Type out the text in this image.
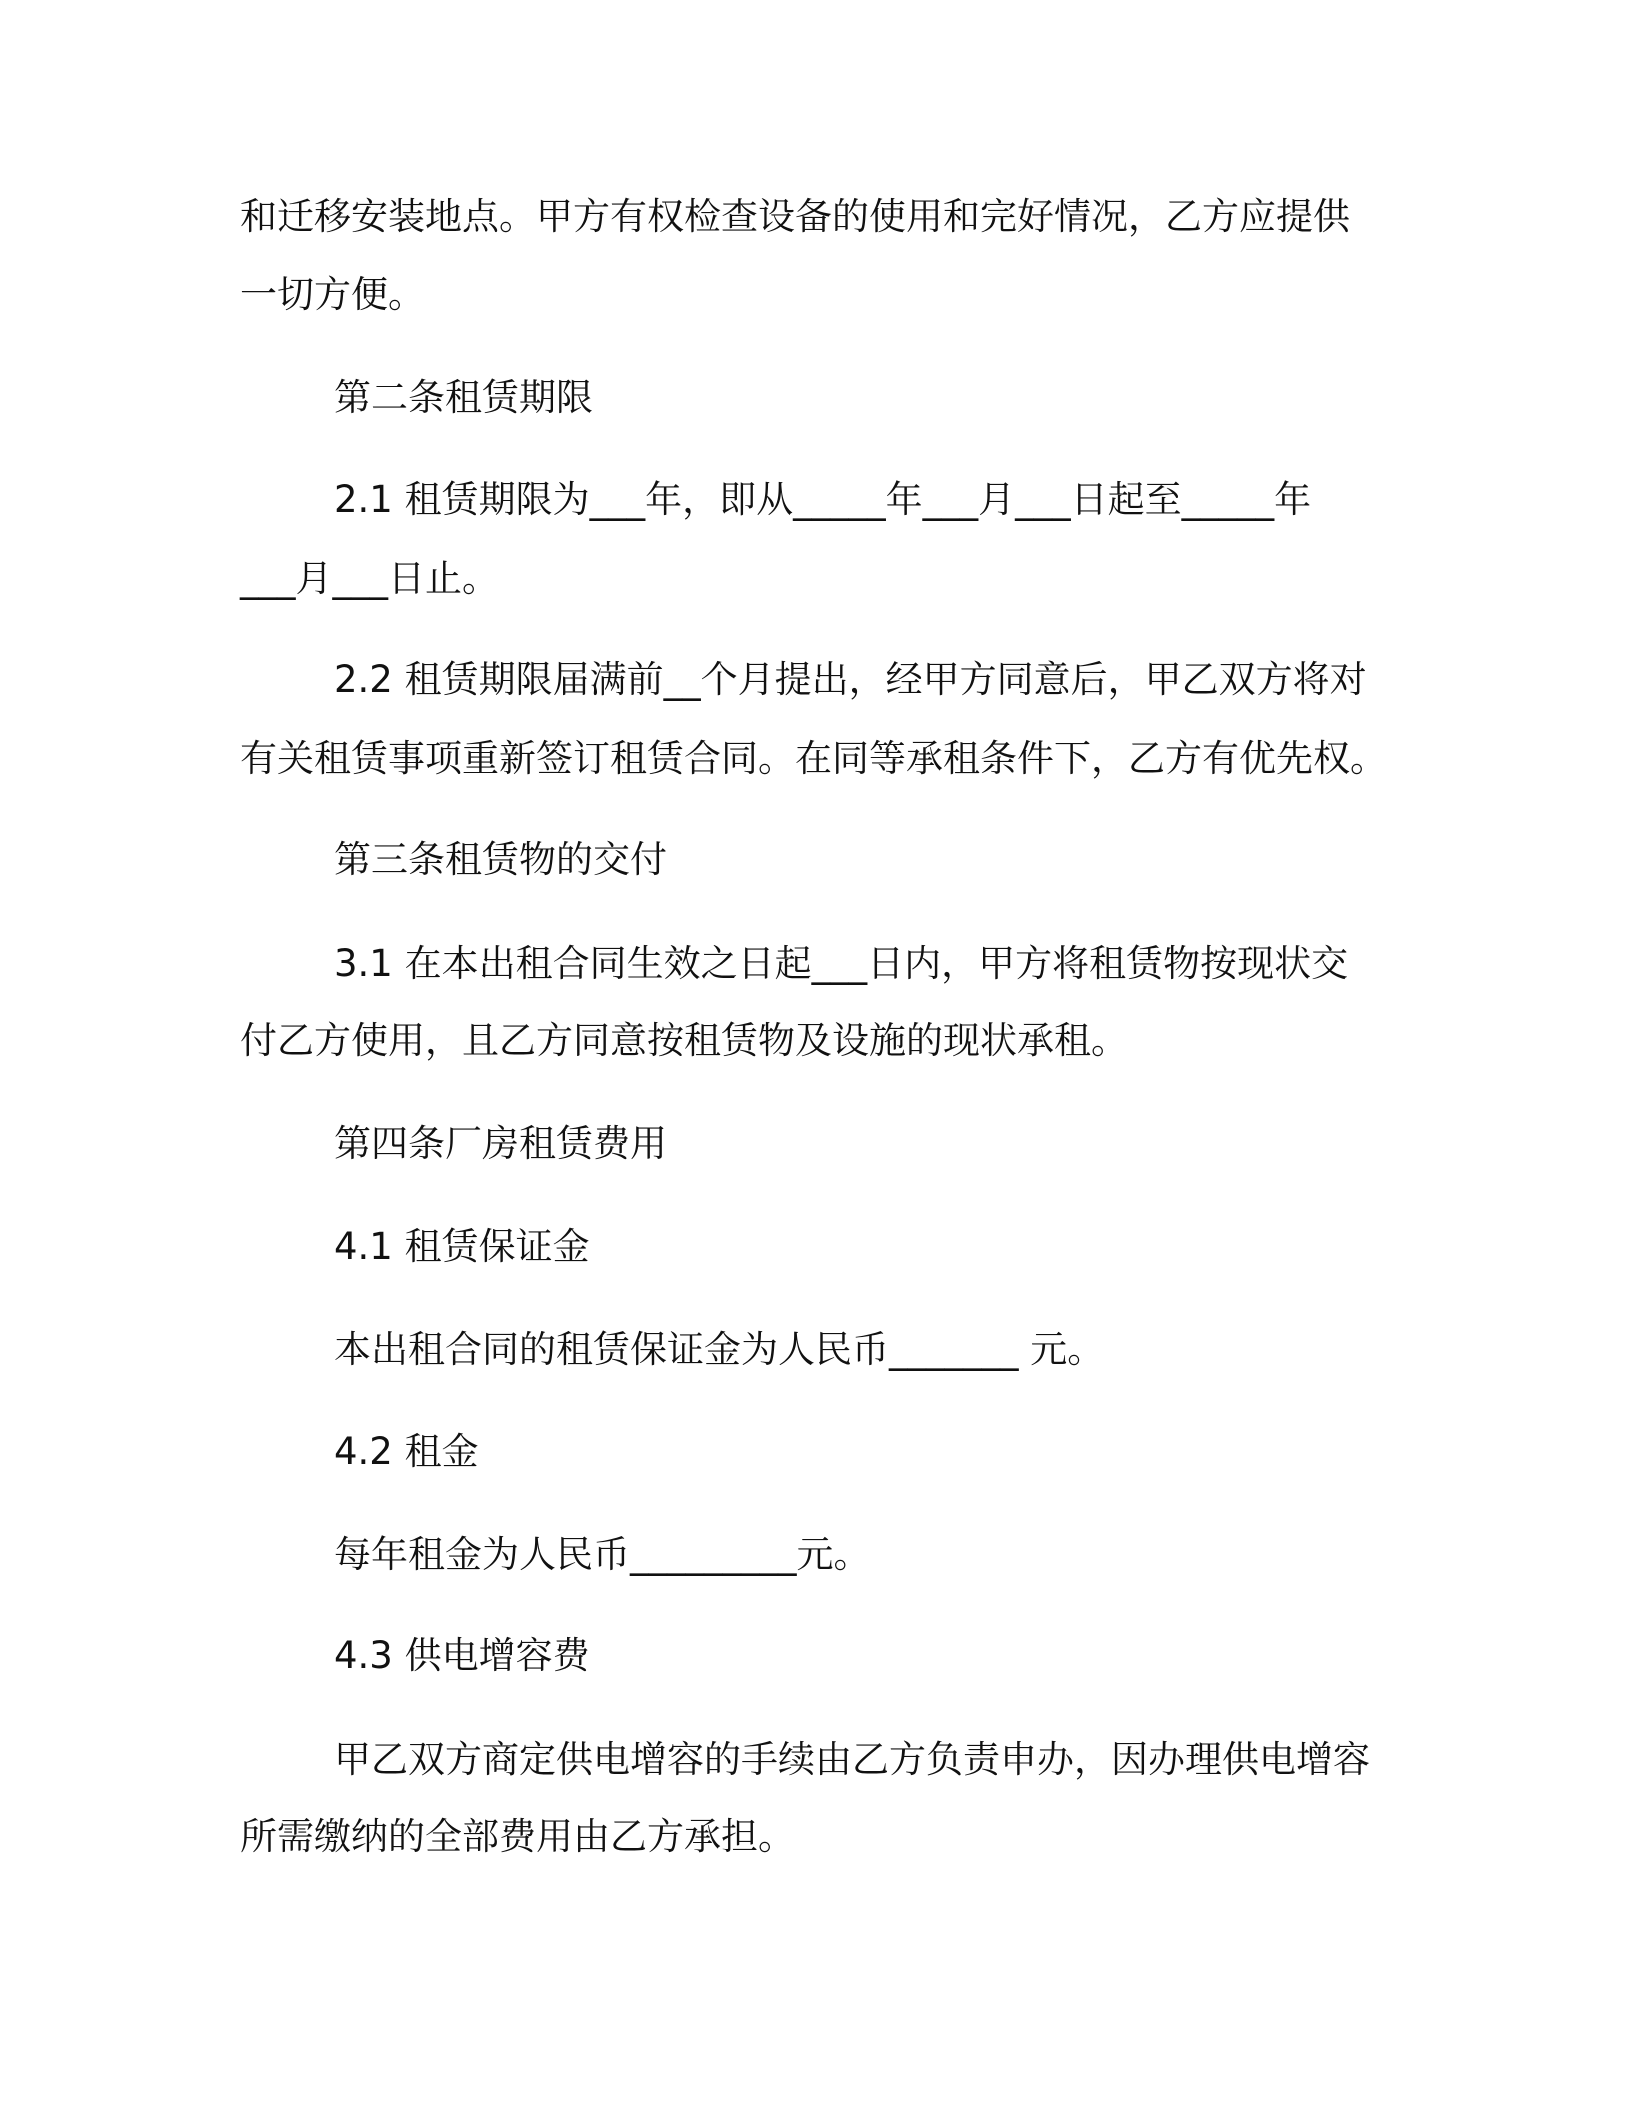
和迁移安装地点。甲方有权检查设备的使用和完好情况，乙方应提供
一切方便。
第二条租赁期限
2.1 租赁期限为___年，即从_____年___月___日起至_____年
___月___日止。
2.2 租赁期限届满前__个月提出，经甲方同意后，甲乙双方将对
有关租赁事项重新签订租赁合同。在同等承租条件下，乙方有优先权。
第三条租赁物的交付
3.1 在本出租合同生效之日起___日内，甲方将租赁物按现状交
付乙方使用，且乙方同意按租赁物及设施的现状承租。
第四条厂房租赁费用
4.1 租赁保证金
本出租合同的租赁保证金为人民币_______ 元。
4.2 租金
每年租金为人民币_________元。
4.3 供电增容费
甲乙双方商定供电增容的手续由乙方负责申办，因办理供电增容
所需缴纳的全部费用由乙方承担。
